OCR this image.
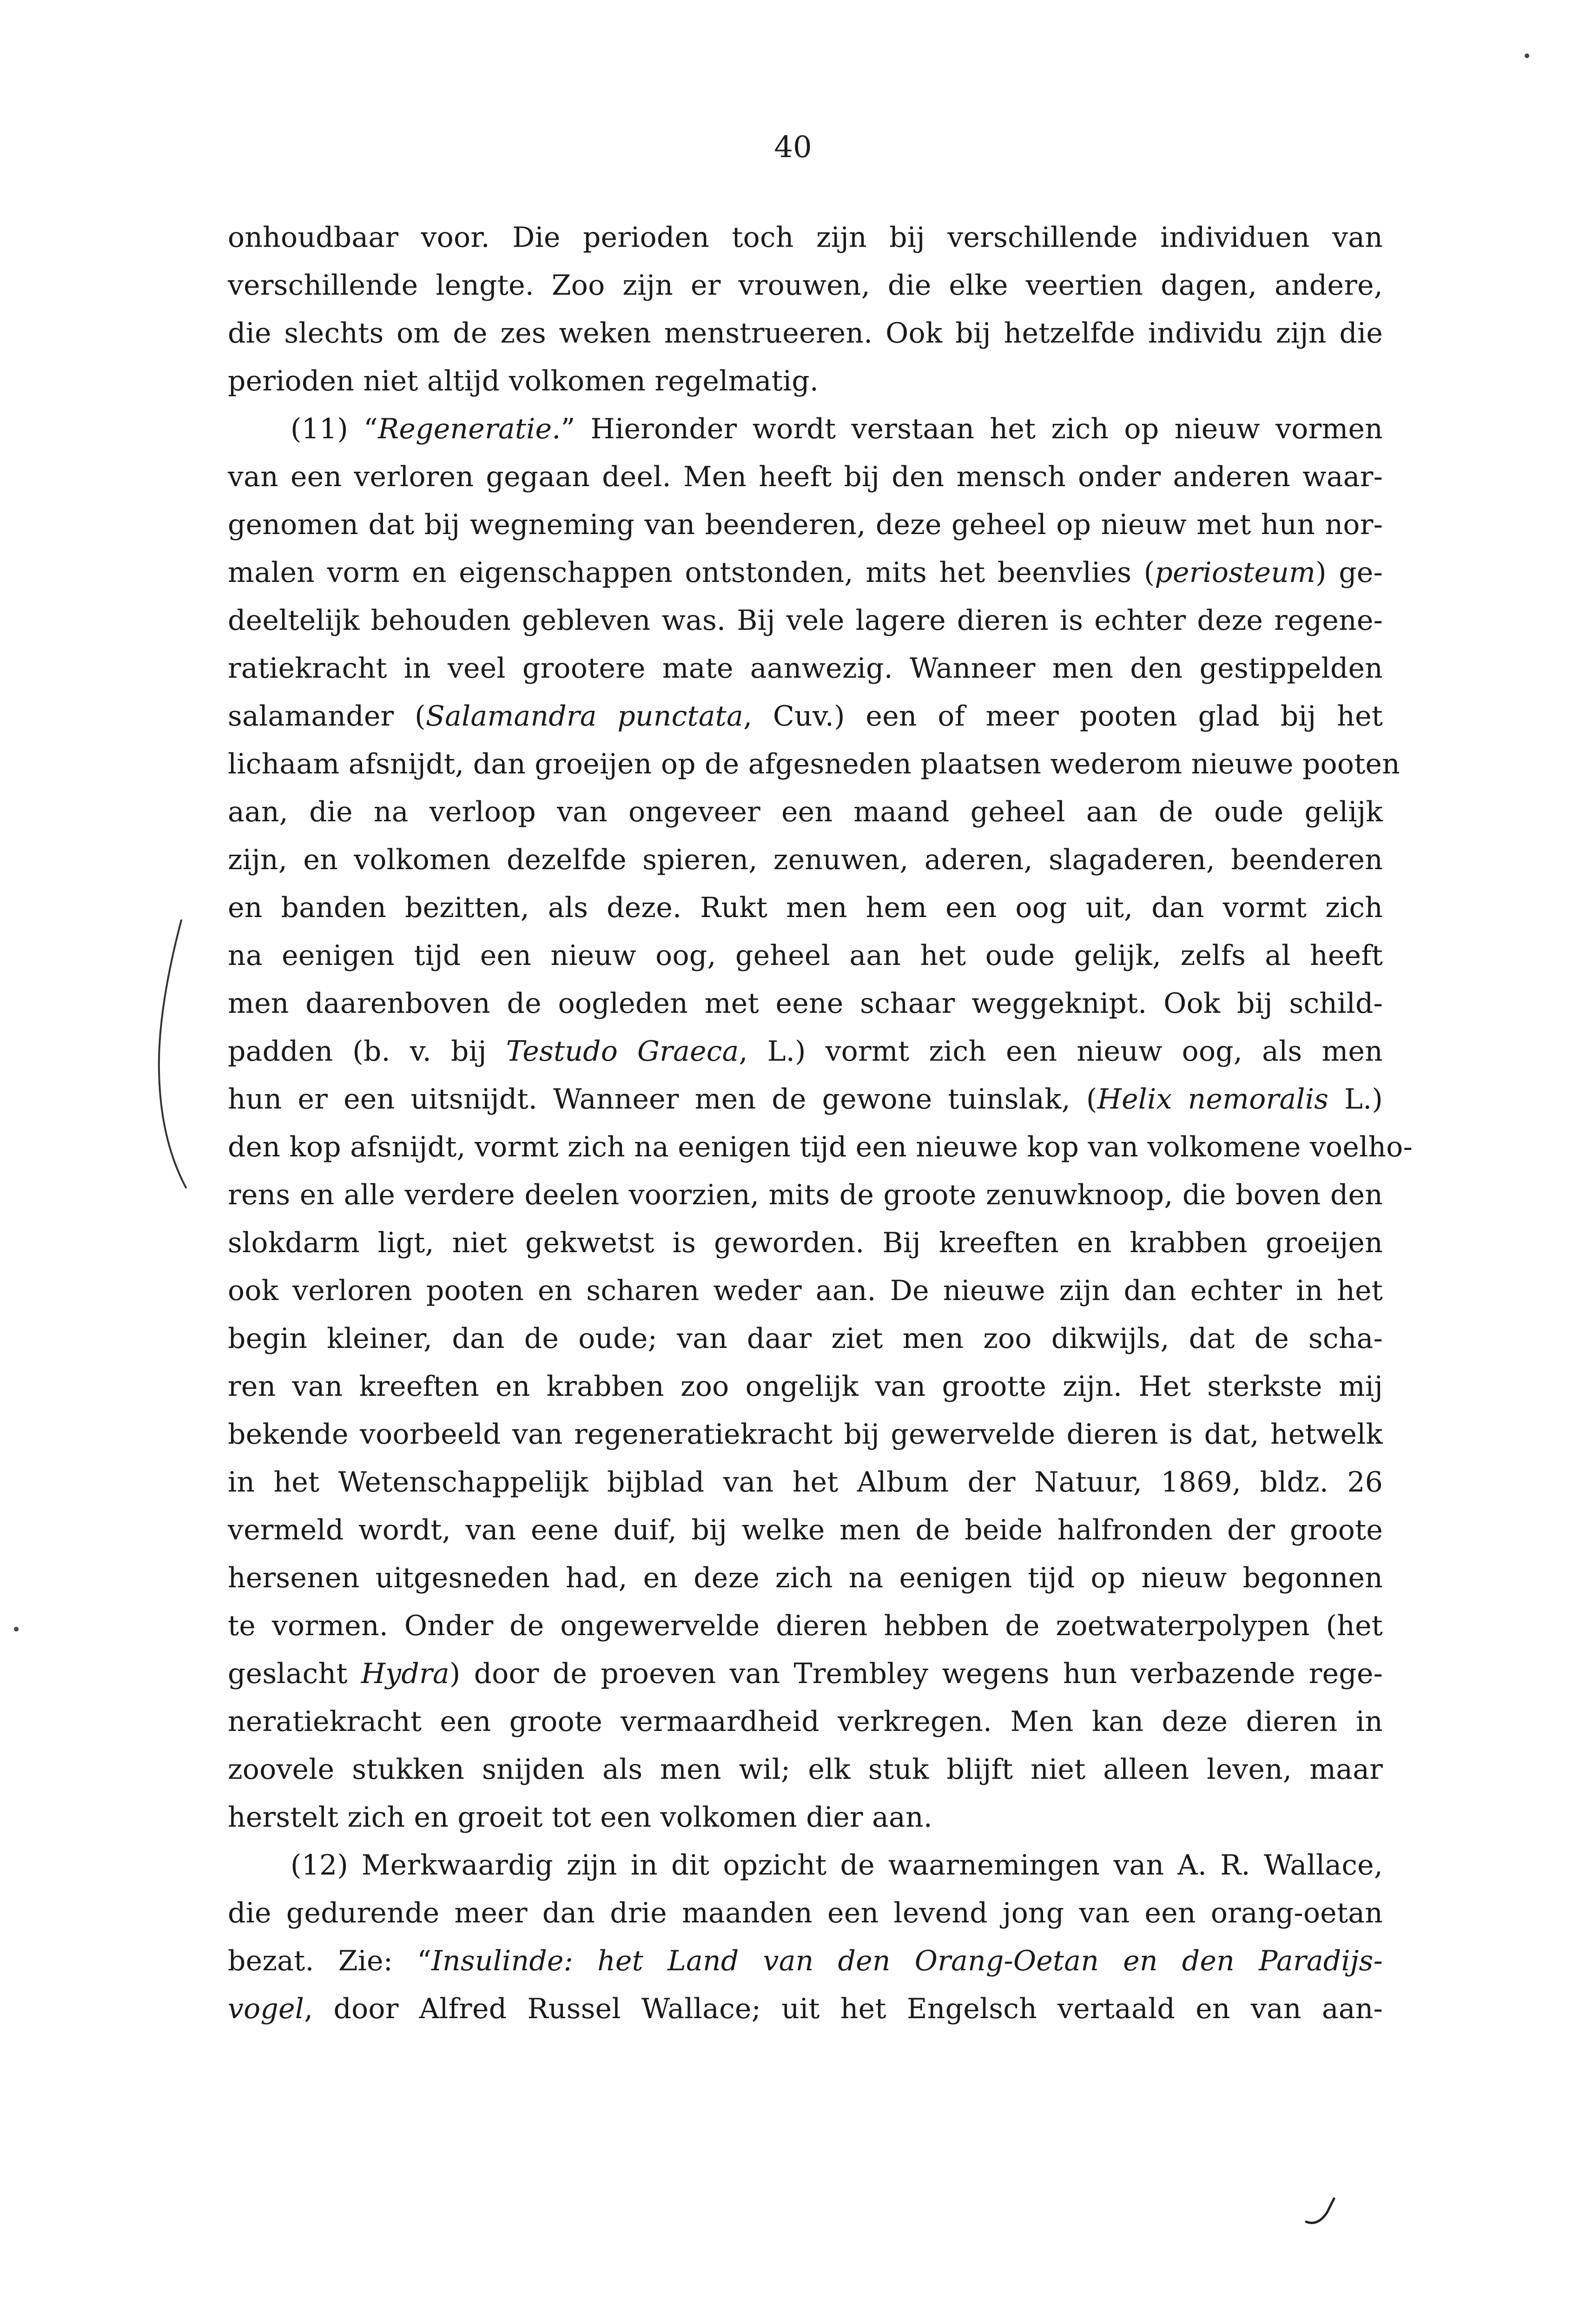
40
onhoudbaar voor. Die perioden toch zijn bij verschillende individuen van
verschillende lengte. Zoo zijn er vrouwen, die elke veertien dagen, andere,
die slechts om de zes weken menstrueeren. Ook bij hetzelfde individu zijn die
perioden niet altijd volkomen regelmatig.
(11) “Regeneratie.” Hieronder wordt verstaan het zich op nieuw vormen
van een verloren gegaan deel. Men heeft bij den mensch onder anderen waar-
genomen dat bij wegneming van beenderen, deze geheel op nieuw met hun nor-
malen vorm en eigenschappen ontstonden, mits het beenvlies (periosteum) ge-
deeltelijk behouden gebleven was. Bij vele lagere dieren is echter deze regene-
ratiekracht in veel grootere mate aanwezig. Wanneer men den gestippelden
salamander (Salamandra punctata, Cuv.) een of meer pooten glad bij het
lichaam afsnijdt, dan groeijen op de afgesneden plaatsen wederom nieuwe pooten
aan, die na verloop van ongeveer een maand geheel aan de oude gelijk
zijn, en volkomen dezelfde spieren, zenuwen, aderen, slagaderen, beenderen
en banden bezitten, als deze. Rukt men hem een oog uit, dan vormt zich
na eenigen tijd een nieuw oog, geheel aan het oude gelijk, zelfs al heeft
men daarenboven de oogleden met eene schaar weggeknipt. Ook bij schild-
padden (b. v. bij Testudo Graeca, L.) vormt zich een nieuw oog, als men
hun er een uitsnijdt. Wanneer men de gewone tuinslak, (Helix nemoralis L.)
den kop afsnijdt, vormt zich na eenigen tijd een nieuwe kop van volkomene voelho-
rens en alle verdere deelen voorzien, mits de groote zenuwknoop, die boven den
slokdarm ligt, niet gekwetst is geworden. Bij kreeften en krabben groeijen
ook verloren pooten en scharen weder aan. De nieuwe zijn dan echter in het
begin kleiner, dan de oude; van daar ziet men zoo dikwijls, dat de scha-
ren van kreeften en krabben zoo ongelijk van grootte zijn. Het sterkste mij
bekende voorbeeld van regeneratiekracht bij gewervelde dieren is dat, hetwelk
in het Wetenschappelijk bijblad van het Album der Natuur, 1869, bldz. 26
vermeld wordt, van eene duif, bij welke men de beide halfronden der groote
hersenen uitgesneden had, en deze zich na eenigen tijd op nieuw begonnen
te vormen. Onder de ongewervelde dieren hebben de zoetwaterpolypen (het
geslacht Hydra) door de proeven van Trembley wegens hun verbazende rege-
neratiekracht een groote vermaardheid verkregen. Men kan deze dieren in
zoovele stukken snijden als men wil; elk stuk blijft niet alleen leven, maar
herstelt zich en groeit tot een volkomen dier aan.
(12) Merkwaardig zijn in dit opzicht de waarnemingen van A. R. Wallace,
die gedurende meer dan drie maanden een levend jong van een orang-oetan
bezat. Zie: “Insulinde: het Land van den Orang-Oetan en den Paradijs-
vogel, door Alfred Russel Wallace; uit het Engelsch vertaald en van aan-
